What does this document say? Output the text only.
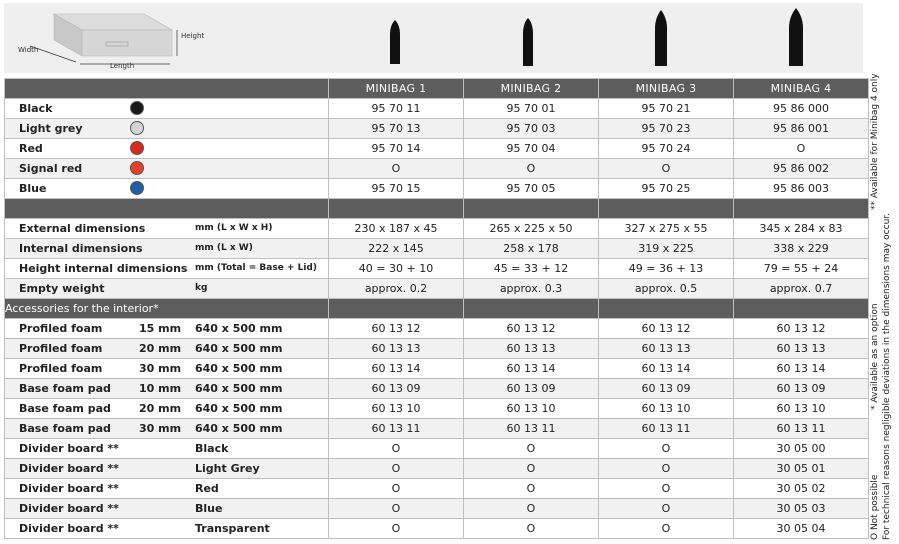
Width
Length
Height
	MINIBAG 1	MINIBAG 2	MINIBAG 3	MINIBAG 4

Black	95 70 11	95 70 01	95 70 21	95 86 000

Light grey	95 70 13	95 70 03	95 70 23	95 86 001

Red	95 70 14	95 70 04	95 70 24	O

Signal red	O	O	O	95 86 002

Blue	95 70 15	95 70 05	95 70 25	95 86 003

External dimensions mm (L x W x H)	230 x 187 x 45	265 x 225 x 50	327 x 275 x 55	345 x 284 x 83

Internal dimensions mm (L x W)	222 x 145	258 x 178	319 x 225	338 x 229

Height internal dimensions mm (Total = Base + Lid)	40 = 30 + 10	45 = 33 + 12	49 = 36 + 13	79 = 55 + 24

Empty weight kg	approx. 0.2	approx. 0.3	approx. 0.5	approx. 0.7
Accessories for the interior*				

Profiled foam 15 mm 640 x 500 mm	60 13 12	60 13 12	60 13 12	60 13 12

Profiled foam 20 mm 640 x 500 mm	60 13 13	60 13 13	60 13 13	60 13 13

Profiled foam 30 mm 640 x 500 mm	60 13 14	60 13 14	60 13 14	60 13 14

Base foam pad 10 mm 640 x 500 mm	60 13 09	60 13 09	60 13 09	60 13 09

Base foam pad 20 mm 640 x 500 mm	60 13 10	60 13 10	60 13 10	60 13 10

Base foam pad 30 mm 640 x 500 mm	60 13 11	60 13 11	60 13 11	60 13 11

Divider board ** Black	O	O	O	30 05 00

Divider board ** Light Grey	O	O	O	30 05 01

Divider board ** Red	O	O	O	30 05 02

Divider board ** Blue	O	O	O	30 05 03

Divider board ** Transparent	O	O	O	30 05 04	O Not possible
* Available as an option
** Available for Minibag 4 only
For technical reasons negligible deviations in the dimensions may occur.
